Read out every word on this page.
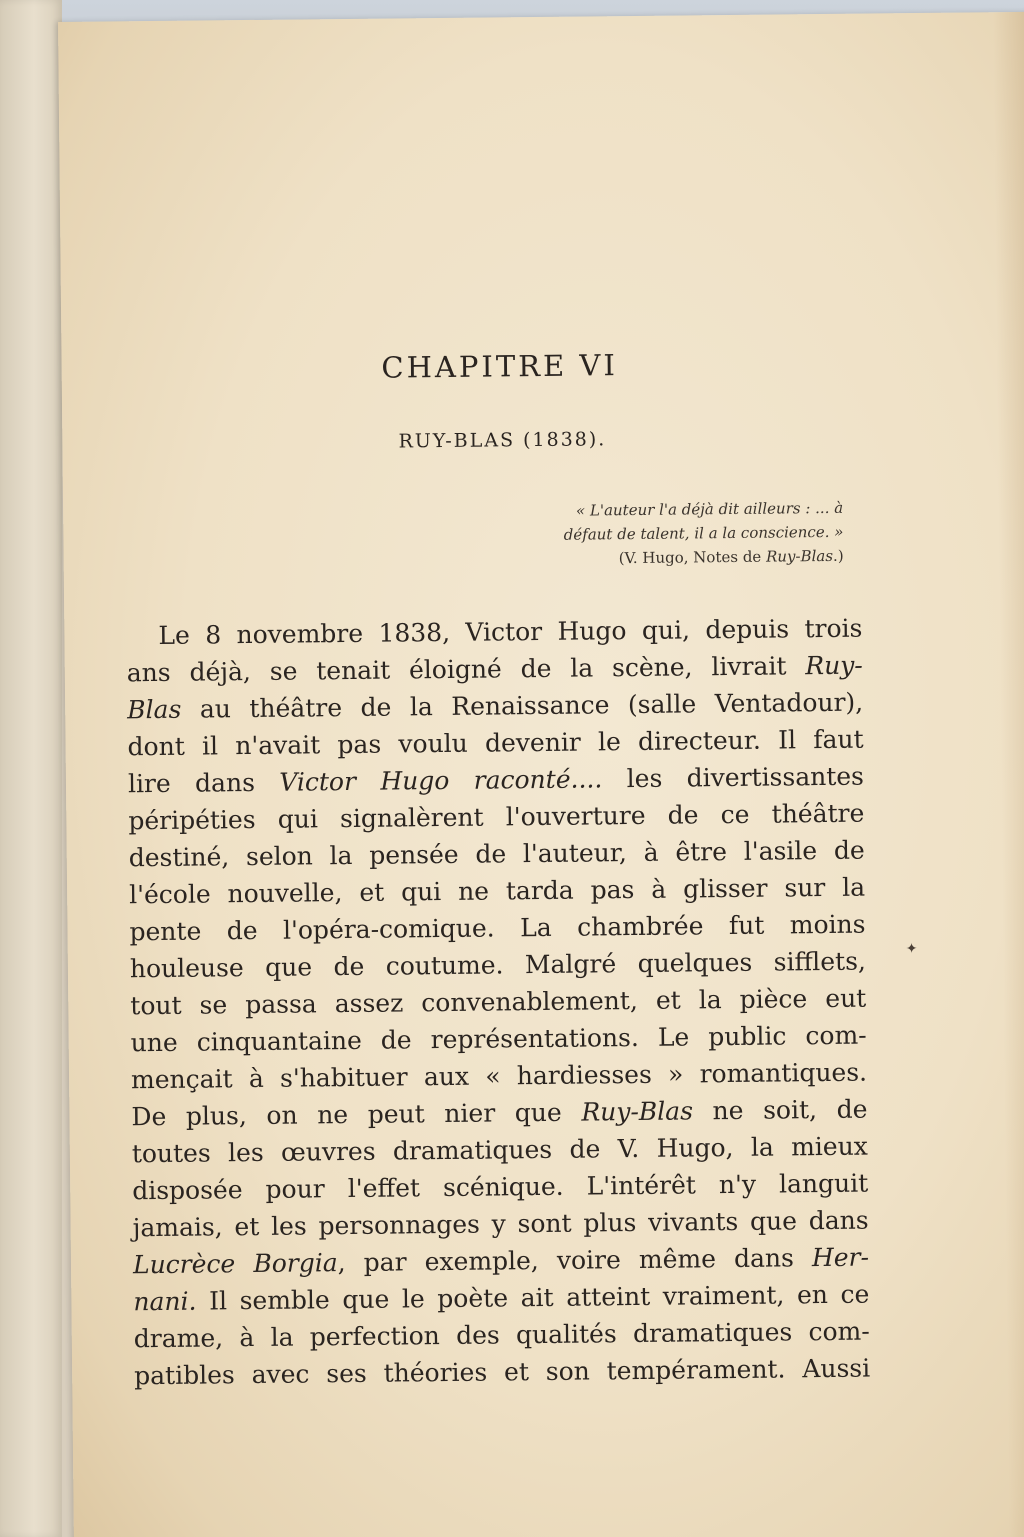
CHAPITRE VI
RUY-BLAS (1838).
« L'auteur l'a déjà dit ailleurs : ... à
défaut de talent, il a la conscience. »
(V. Hugo, Notes de Ruy-Blas.)
Le 8 novembre 1838, Victor Hugo qui, depuis trois
ans déjà, se tenait éloigné de la scène, livrait Ruy-
Blas au théâtre de la Renaissance (salle Ventadour),
dont il n'avait pas voulu devenir le directeur. Il faut
lire dans Victor Hugo raconté.... les divertissantes
péripéties qui signalèrent l'ouverture de ce théâtre
destiné, selon la pensée de l'auteur, à être l'asile de
l'école nouvelle, et qui ne tarda pas à glisser sur la
pente de l'opéra-comique. La chambrée fut moins
houleuse que de coutume. Malgré quelques sifflets,
tout se passa assez convenablement, et la pièce eut
une cinquantaine de représentations. Le public com-
mençait à s'habituer aux « hardiesses » romantiques.
De plus, on ne peut nier que Ruy-Blas ne soit, de
toutes les œuvres dramatiques de V. Hugo, la mieux
disposée pour l'effet scénique. L'intérêt n'y languit
jamais, et les personnages y sont plus vivants que dans
Lucrèce Borgia, par exemple, voire même dans Her-
nani. Il semble que le poète ait atteint vraiment, en ce
drame, à la perfection des qualités dramatiques com-
patibles avec ses théories et son tempérament. Aussi
✦
